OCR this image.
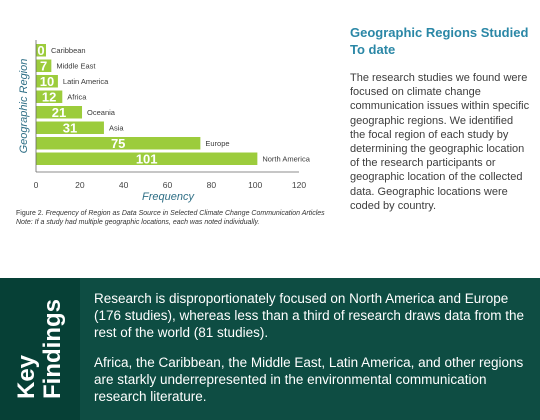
0 Caribbean
7 Middle East
10 Latin America
12 Africa
21	Oceania
31	Asia
75	Europe
101	North America
0	20	40	60	80	100	120
Frequency
Geographic Region
Figure 2. Frequency of Region as Data Source in Selected Climate Change Communication Articles
Note: If a study had multiple geographic locations, each was noted individually.
Geographic Regions Studied To date
The research studies we found were focused on climate change communication issues within specific geographic regions. We identified the focal region of each study by determining the geographic location of the research participants or geographic location of the collected data. Geographic locations were coded by country.
Key Findings

Research is disproportionately focused on North America and Europe (176 studies), whereas less than a third of research draws data from the rest of the world (81 studies).

Africa, the Caribbean, the Middle East, Latin America, and other regions are starkly underrepresented in the environmental communication research literature.
